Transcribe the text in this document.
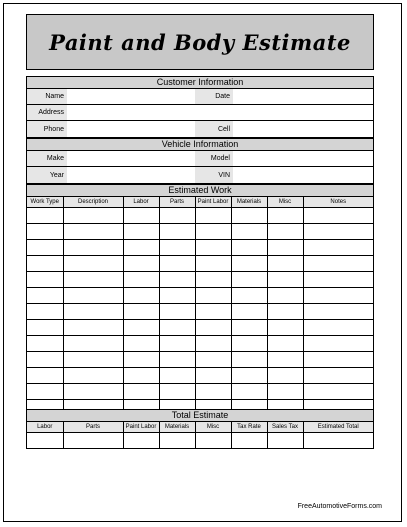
Paint and Body Estimate
Customer Information
Name	Date
Address
Phone	Cell
Vehicle Information
Make	Model
Year	VIN
Estimated Work
Work Type	Description	Labor	Parts	Paint Labor	Materials	Misc	Notes

Total Estimate
Labor	Parts	Paint Labor	Materials	Misc	Tax Rate	Sales Tax	Estimated Total

FreeAutomotiveForms.com
